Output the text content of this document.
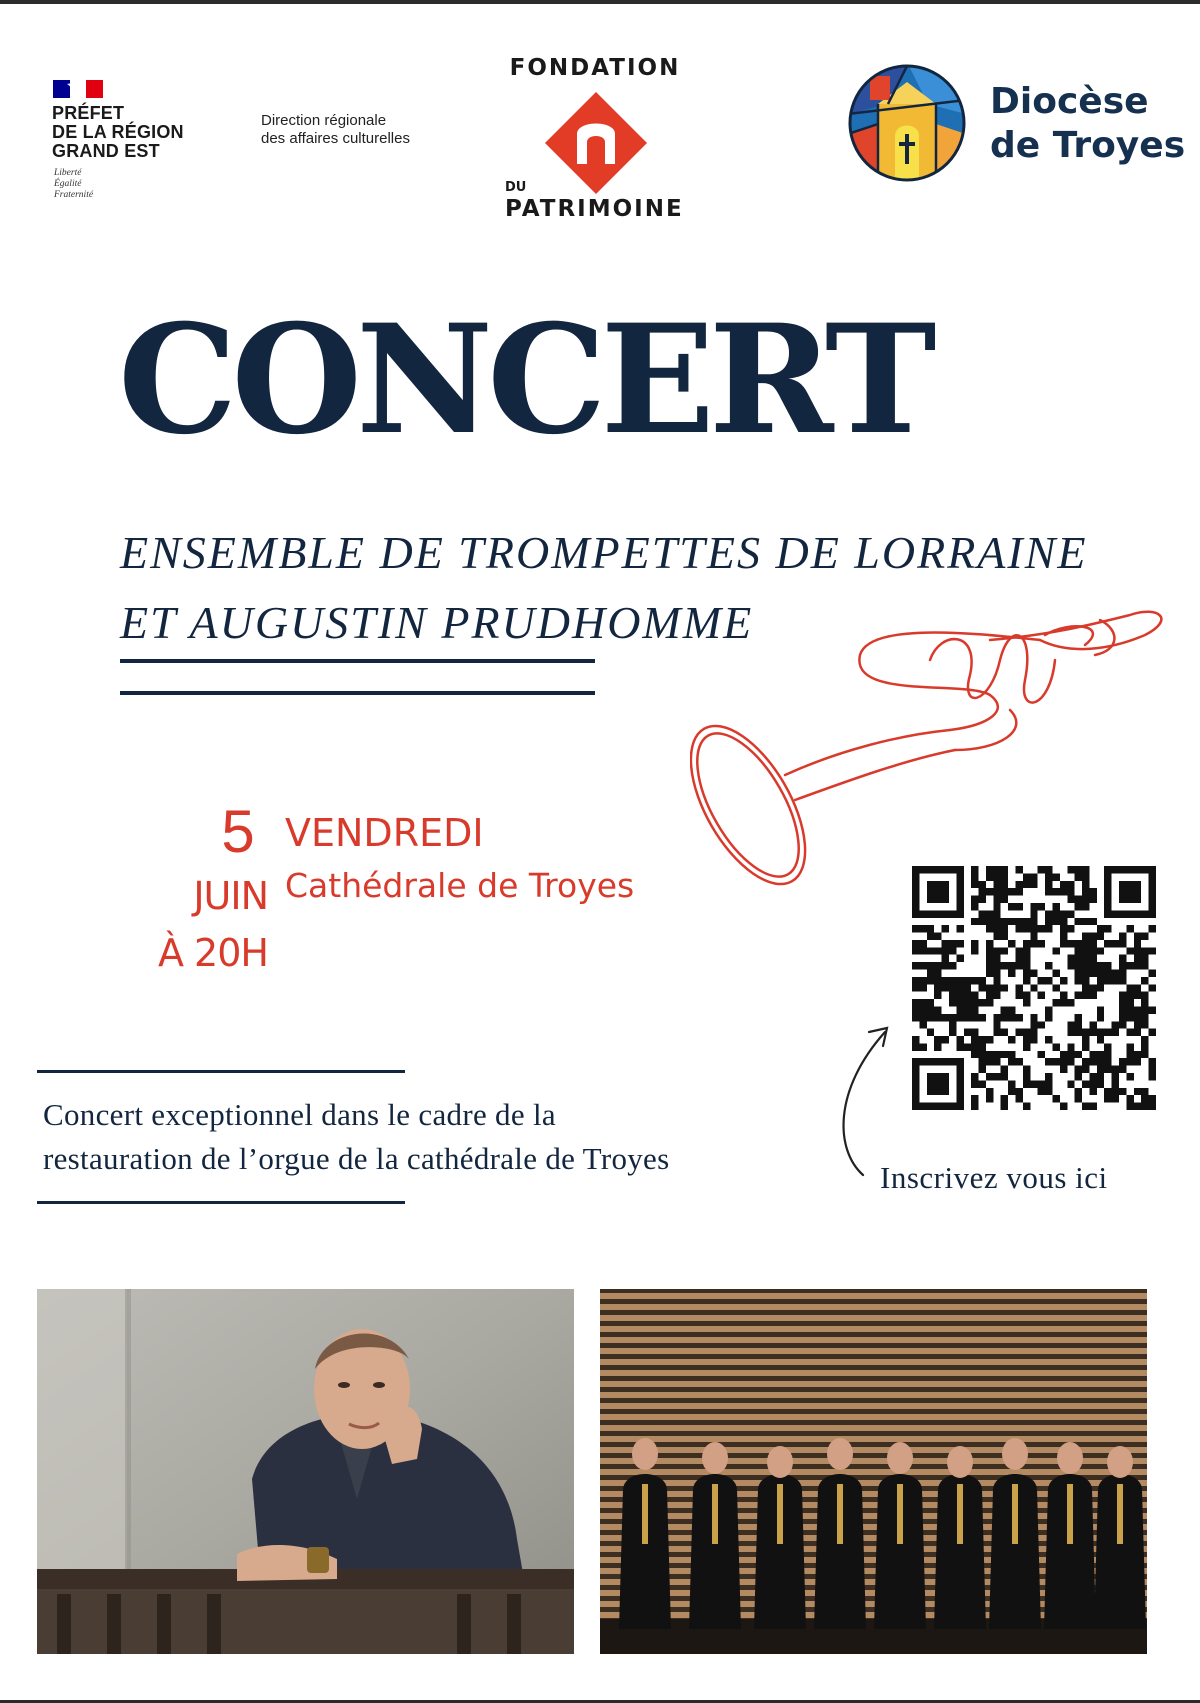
PRÉFET
DE LA RÉGION
GRAND EST
Liberté
Égalité
Fraternité
Direction régionale
des affaires culturelles
FONDATION
DU
PATRIMOINE
Diocèse
de Troyes
CONCERT
ENSEMBLE DE TROMPETTES DE LORRAINE
ET AUGUSTIN PRUDHOMME
5
JUIN
À 20H
VENDREDI
Cathédrale de Troyes
Inscrivez vous ici
Concert exceptionnel dans le cadre de la
restauration de l’orgue de la cathédrale de Troyes
